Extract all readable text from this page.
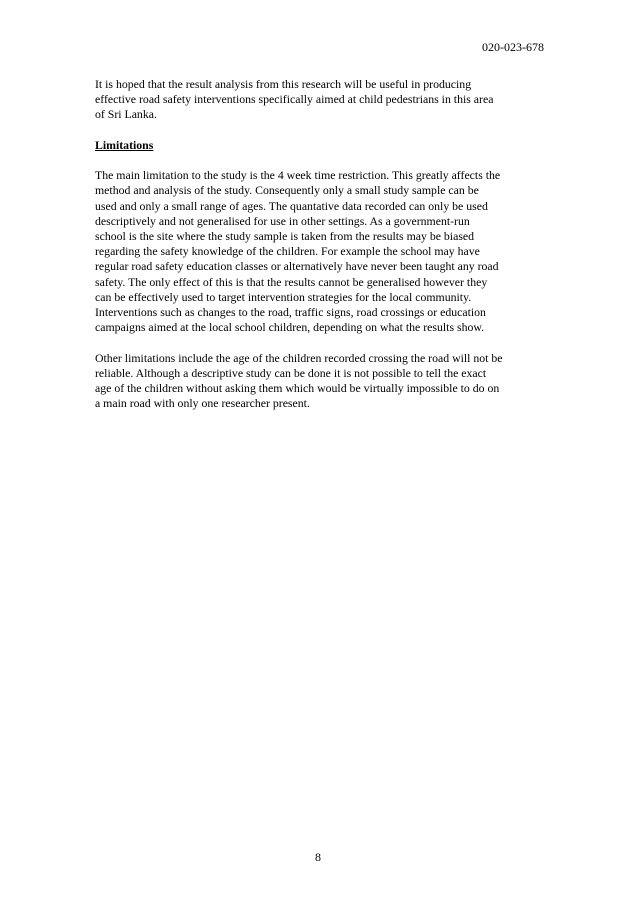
020-023-678

It is hoped that the result analysis from this research will be useful in producing
effective road safety interventions specifically aimed at child pedestrians in this area
of Sri Lanka.

Limitations

The main limitation to the study is the 4 week time restriction. This greatly affects the
method and analysis of the study. Consequently only a small study sample can be
used and only a small range of ages. The quantative data recorded can only be used
descriptively and not generalised for use in other settings. As a government-run
school is the site where the study sample is taken from the results may be biased
regarding the safety knowledge of the children. For example the school may have
regular road safety education classes or alternatively have never been taught any road
safety. The only effect of this is that the results cannot be generalised however they
can be effectively used to target intervention strategies for the local community.
Interventions such as changes to the road, traffic signs, road crossings or education
campaigns aimed at the local school children, depending on what the results show.

Other limitations include the age of the children recorded crossing the road will not be
reliable. Although a descriptive study can be done it is not possible to tell the exact
age of the children without asking them which would be virtually impossible to do on
a main road with only one researcher present.

8
